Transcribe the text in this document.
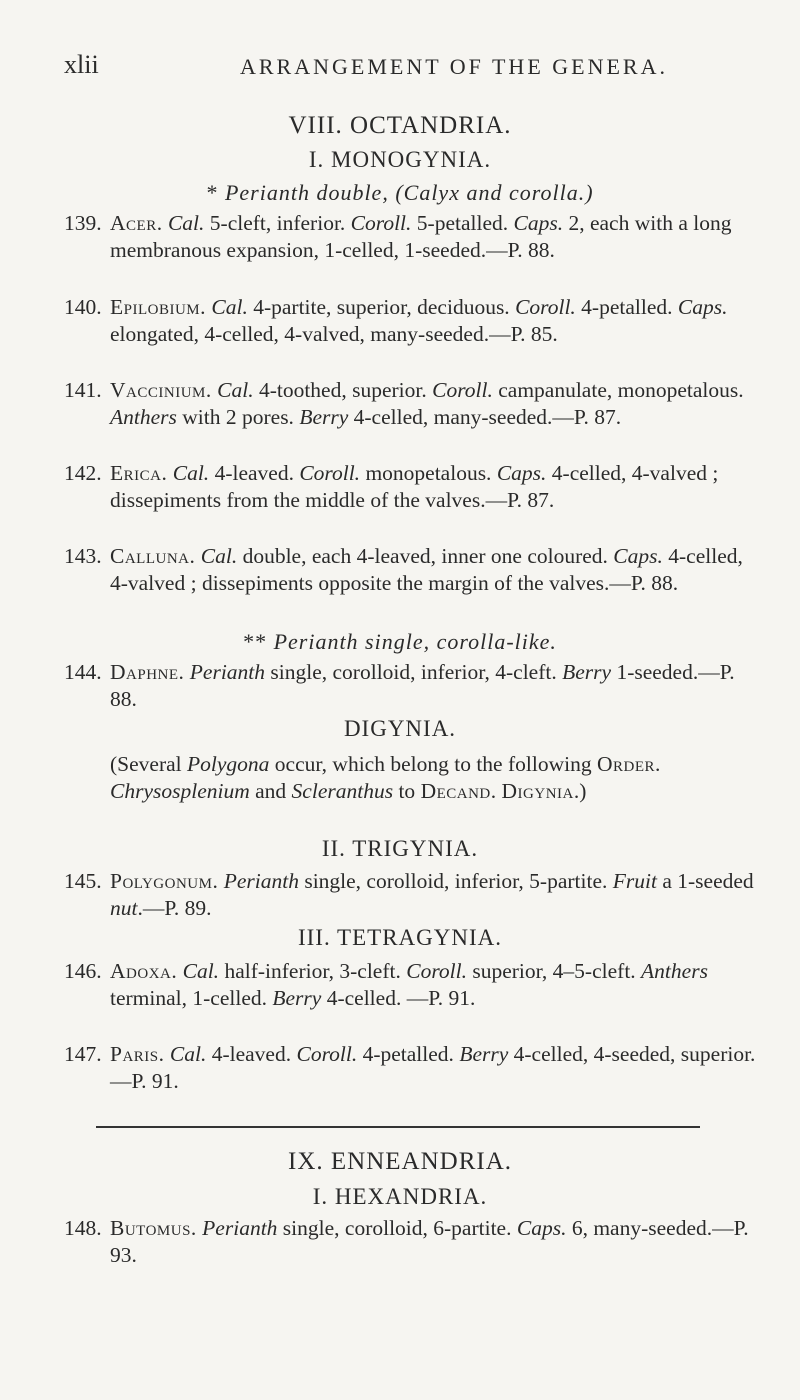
xlii	ARRANGEMENT OF THE GENERA.
VIII. OCTANDRIA.
I. MONOGYNIA.
* Perianth double, (Calyx and corolla.)
139. Acer. Cal. 5-cleft, inferior. Coroll. 5-petalled. Caps. 2, each with a long membranous expansion, 1-celled, 1-seeded.—P. 88.
140. Epilobium. Cal. 4-partite, superior, deciduous. Coroll. 4-petalled. Caps. elongated, 4-celled, 4-valved, many-seeded.—P. 85.
141. Vaccinium. Cal. 4-toothed, superior. Coroll. campanulate, monopetalous. Anthers with 2 pores. Berry 4-celled, many-seeded.—P. 87.
142. Erica. Cal. 4-leaved. Coroll. monopetalous. Caps. 4-celled, 4-valved ; dissepiments from the middle of the valves.—P. 87.
143. Calluna. Cal. double, each 4-leaved, inner one coloured. Caps. 4-celled, 4-valved ; dissepiments opposite the margin of the valves.—P. 88.
** Perianth single, corolla-like.
144. Daphne. Perianth single, corolloid, inferior, 4-cleft. Berry 1-seeded.—P. 88.
DIGYNIA.
(Several Polygona occur, which belong to the following Order. Chrysosplenium and Scleranthus to Decand. Digynia.)
II. TRIGYNIA.
145. Polygonum. Perianth single, corolloid, inferior, 5-partite. Fruit a 1-seeded nut.—P. 89.
III. TETRAGYNIA.
146. Adoxa. Cal. half-inferior, 3-cleft. Coroll. superior, 4–5-cleft. Anthers terminal, 1-celled. Berry 4-celled. —P. 91.
147. Paris. Cal. 4-leaved. Coroll. 4-petalled. Berry 4-celled, 4-seeded, superior.—P. 91.
IX. ENNEANDRIA.
I. HEXANDRIA.
148. Butomus. Perianth single, corolloid, 6-partite. Caps. 6, many-seeded.—P. 93.
